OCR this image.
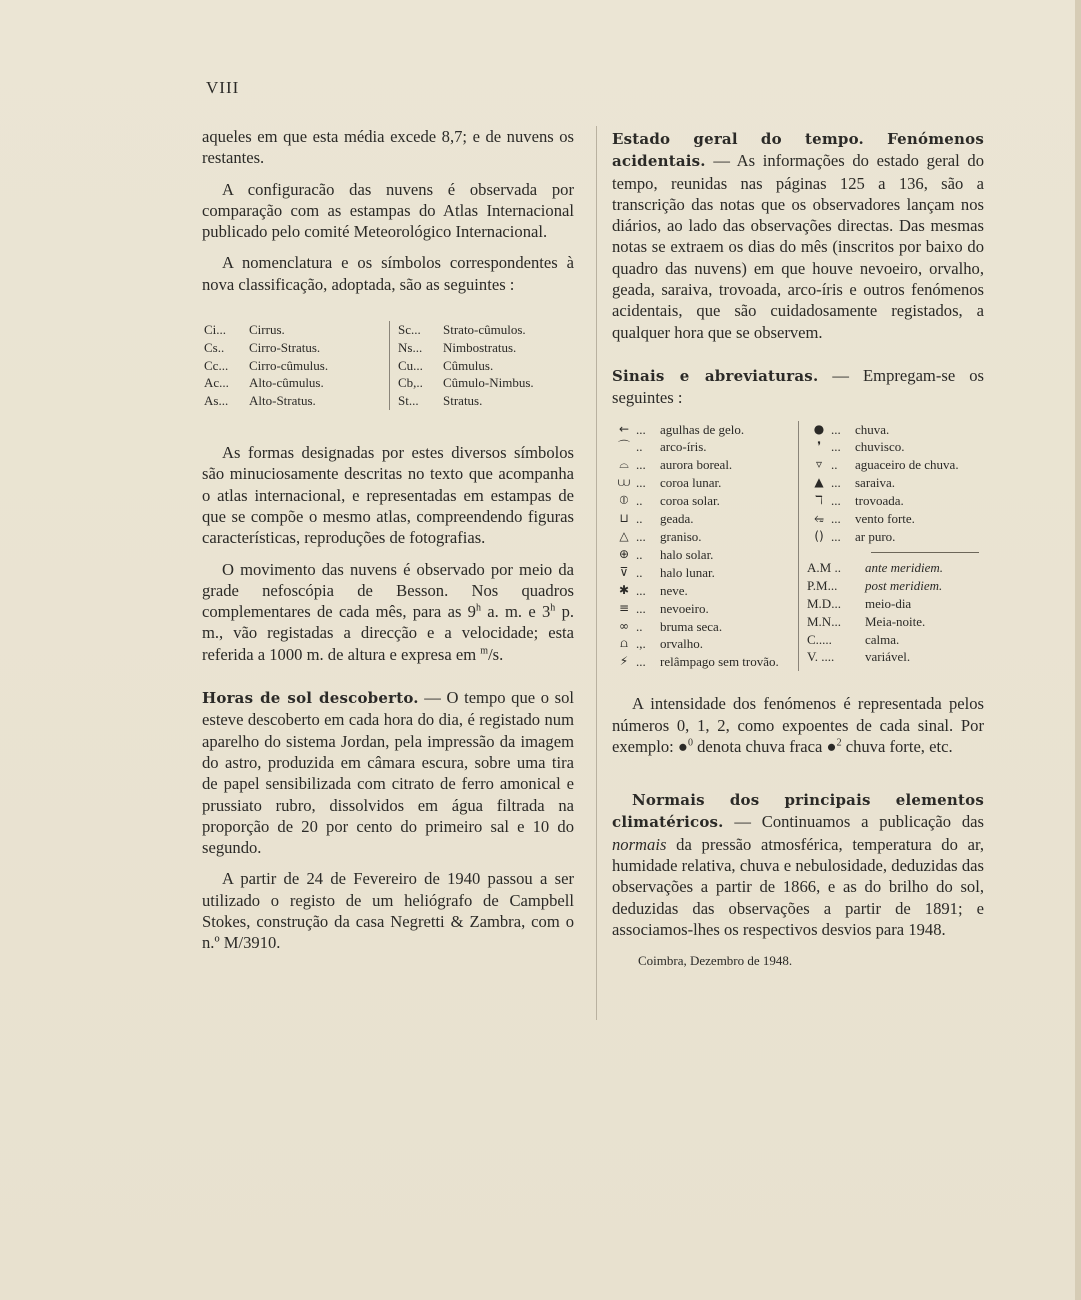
VIII

aqueles em que esta média excede 8,7; e de nuvens os restantes.

A configuracão das nuvens é observada por comparação com as estampas do Atlas Internacional publicado pelo comité Meteorológico Internacional.

A nomenclatura e os símbolos correspondentes à nova classificação, adoptada, são as seguintes :

Ci...	Cirrus.
Cs..	Cirro-Stratus.
Cc...	Cirro-cûmulus.
Ac...	Alto-cûmulus.
As...	Alto-Stratus.
Sc...	Strato-cûmulos.
Ns...	Nimbostratus.
Cu...	Cûmulus.
Cb,..	Cûmulo-Nimbus.
St...	Stratus.

As formas designadas por estes diversos símbolos são minuciosamente descritas no texto que acompanha o atlas internacional, e representadas em estampas de que se compõe o mesmo atlas, compreendendo figuras características, reproduções de fotografias.

O movimento das nuvens é observado por meio da grade nefoscópia de Besson. Nos quadros complementares de cada mês, para as 9$^h$ a. m. e 3$^h$ p. m., vão registadas a direcção e a velocidade; esta referida a 1000 m. de altura e expresa em $^m$/s.

Horas de sol descoberto. — O tempo que o sol esteve descoberto em cada hora do dia, é registado num aparelho do sistema Jordan, pela impressão da imagem do astro, produzida em câmara escura, sobre uma tira de papel sensibilizada com citrato de ferro amonical e prussiato rubro, dissolvidos em água filtrada na proporção de 20 por cento do primeiro sal e 10 do segundo.

A partir de 24 de Fevereiro de 1940 passou a ser utilizado o registo de um heliógrafo de Campbell Stokes, construção da casa Negretti & Zambra, com o n.º M/3910.

Estado geral do tempo. Fenómenos acidentais. — As informações do estado geral do tempo, reunidas nas páginas 125 a 136, são a transcrição das notas que os observadores lançam nos diários, ao lado das observações directas. Das mesmas notas se extraem os dias do mês (inscritos por baixo do quadro das nuvens) em que houve nevoeiro, orvalho, geada, saraiva, trovoada, arco-íris e outros fenómenos acidentais, que são cuidadosamente registados, a qualquer hora que se observem.

Sinais e abreviaturas. — Empregam-se os seguintes :

← ...	agulhas de gelo.
⌒ ..	arco-íris.
⌓ ...	aurora boreal.
⩊ ...	coroa lunar.
⦶ ..	coroa solar.
⊔ ..	geada.
△ ...	graniso.
⊕ ..	halo solar.
⊽ ..	halo lunar.
✱ ...	neve.
≡ ...	nevoeiro.
∞ ..	bruma seca.
⩍ .,.	orvalho.
⚡ ...	relâmpago sem trovão.
● ...	chuva.
❜ ...	chuvisco.
▿ ..	aguaceiro de chuva.
▲ ...	saraiva.
ℸ ...	trovoada.
⥳ ...	vento forte.
() ...	ar puro.
A.M ..	ante meridiem.
P.M...	post meridiem.
M.D...	meio-dia
M.N...	Meia-noite.
C.....	calma.
V. ....	variável.

A intensidade dos fenómenos é representada pelos números 0, 1, 2, como expoentes de cada sinal. Por exemplo: ●$^0$ denota chuva fraca ●$^2$ chuva forte, etc.

Normais dos principais elementos climatéricos. — Continuamos a publicação das normais da pressão atmosférica, temperatura do ar, humidade relativa, chuva e nebulosidade, deduzidas das observações a partir de 1866, e as do brilho do sol, deduzidas das observações a partir de 1891; e associamos-lhes os respectivos desvios para 1948.

Coimbra, Dezembro de 1948.
